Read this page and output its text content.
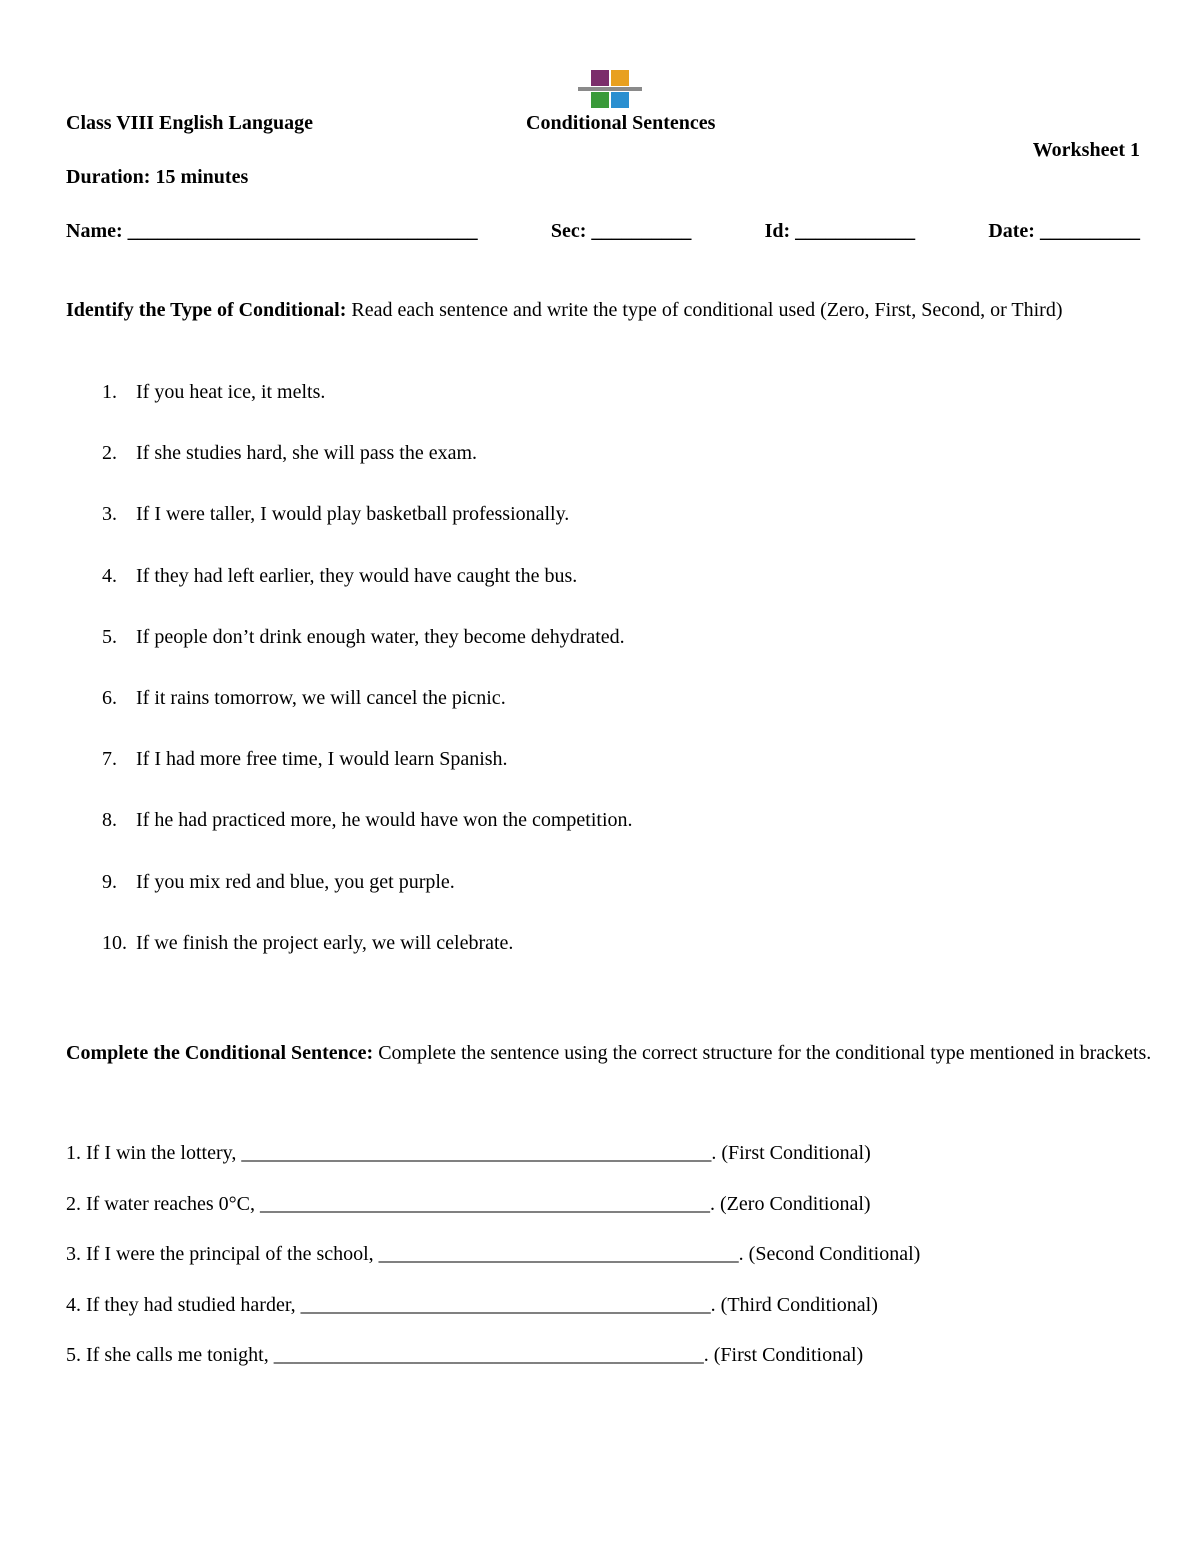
Class VIII English Language	Conditional Sentences
Worksheet 1
Duration: 15 minutes
Name: ___________________________________	Sec: __________	Id: ____________	Date: __________
Identify the Type of Conditional: Read each sentence and write the type of conditional used (Zero, First, Second, or Third)
1. If you heat ice, it melts.
2. If she studies hard, she will pass the exam.
3. If I were taller, I would play basketball professionally.
4. If they had left earlier, they would have caught the bus.
5. If people don’t drink enough water, they become dehydrated.
6. If it rains tomorrow, we will cancel the picnic.
7. If I had more free time, I would learn Spanish.
8. If he had practiced more, he would have won the competition.
9. If you mix red and blue, you get purple.
10. If we finish the project early, we will celebrate.
Complete the Conditional Sentence: Complete the sentence using the correct structure for the conditional type mentioned in brackets.
1. If I win the lottery, _______________________________________________. (First Conditional)
2. If water reaches 0°C, _____________________________________________. (Zero Conditional)
3. If I were the principal of the school, ____________________________________. (Second Conditional)
4. If they had studied harder, _________________________________________. (Third Conditional)
5. If she calls me tonight, ___________________________________________. (First Conditional)
